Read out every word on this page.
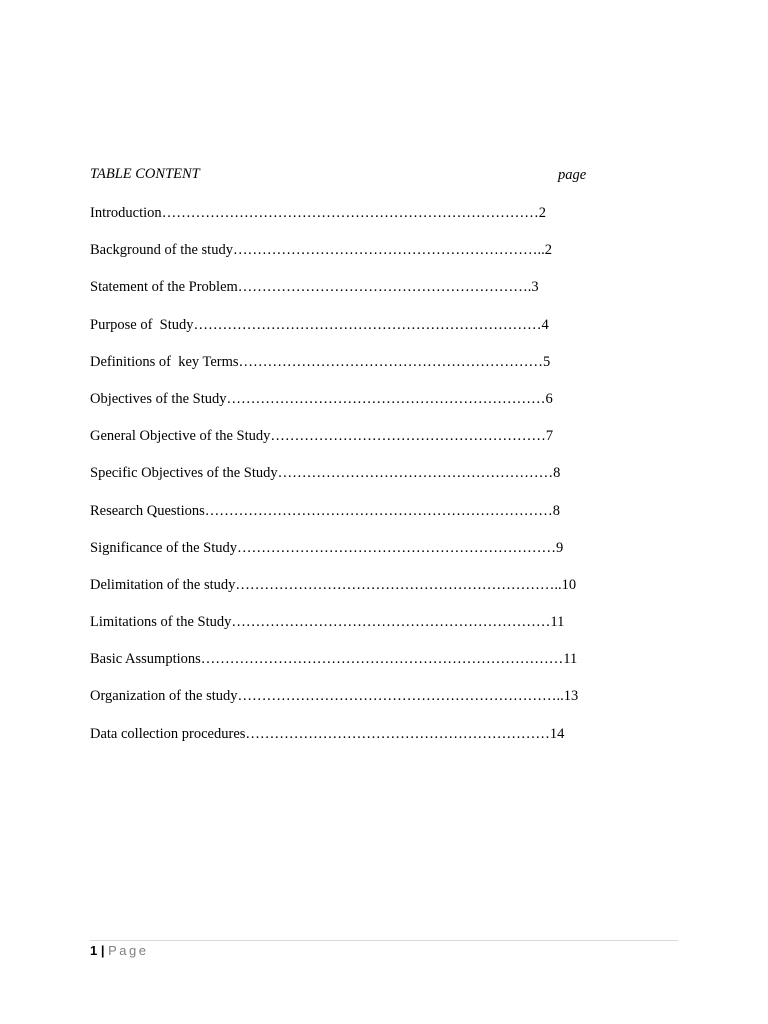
TABLE CONTENT	page
Introduction……………………………………………………………………2
Background of the study………………………………………………………..2
Statement of the Problem…………………………………………………….3
Purpose of  Study………………………………………………………………4
Definitions of  key Terms………………………………………………………5
Objectives of the Study…………………………………………………………6
General Objective of the Study…………………………………………………7
Specific Objectives of the Study…………………………………………………8
Research Questions………………………………………………………………8
Significance of the Study…………………………………………………………9
Delimitation of the study…………………………………………………………..10
Limitations of the Study…………………………………………………………11
Basic Assumptions…………………………………………………………………11
Organization of the study…………………………………………………………..13
Data collection procedures………………………………………………………14
1 | Page
